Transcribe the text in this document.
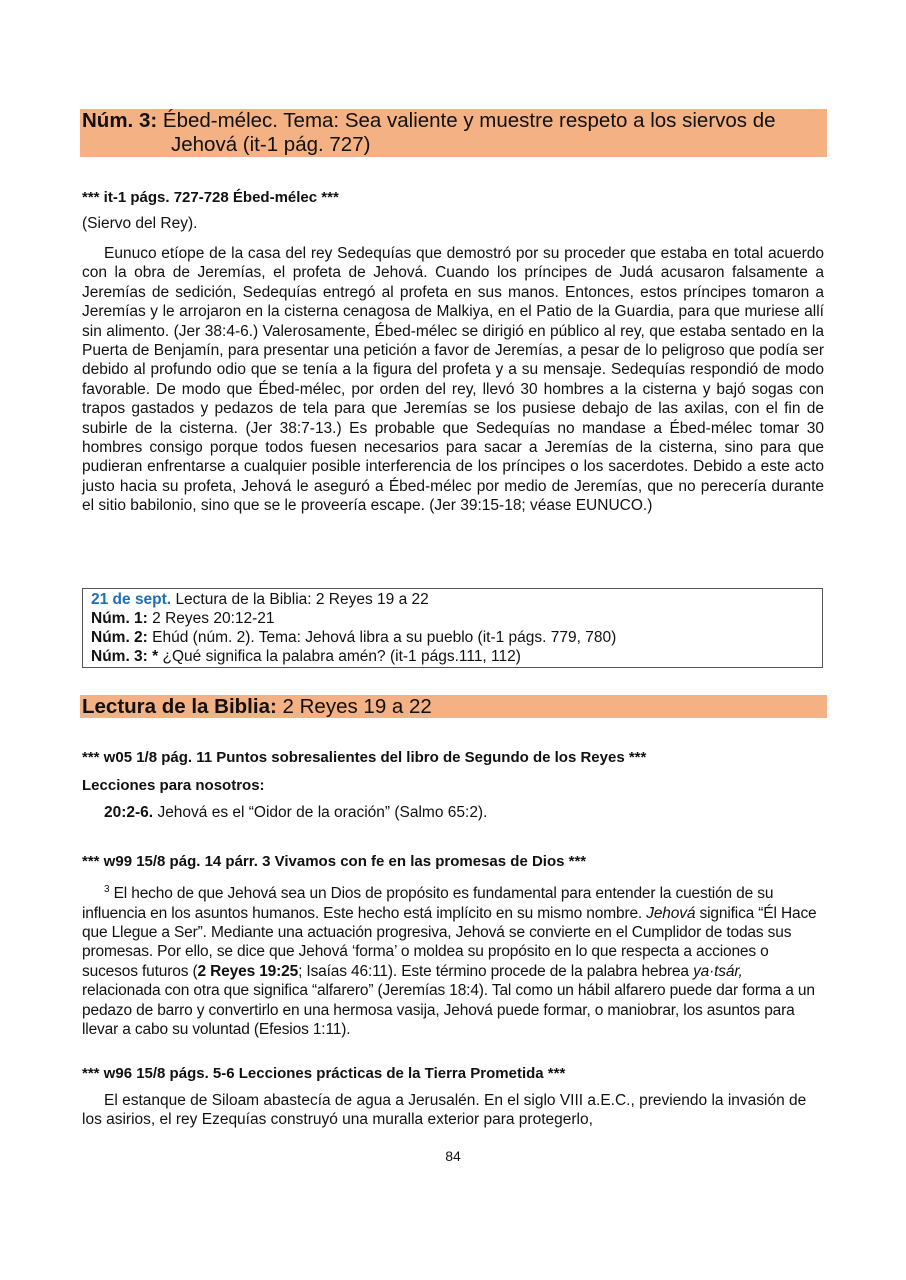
Núm. 3: Ébed-mélec. Tema: Sea valiente y muestre respeto a los siervos de
Jehová (it-1 pág. 727)
*** it-1 págs. 727-728 Ébed-mélec ***
(Siervo del Rey).
Eunuco etíope de la casa del rey Sedequías que demostró por su proceder que estaba en total acuerdo con la obra de Jeremías, el profeta de Jehová. Cuando los príncipes de Judá acusaron falsamente a Jeremías de sedición, Sedequías entregó al profeta en sus manos. Entonces, estos príncipes tomaron a Jeremías y le arrojaron en la cisterna cenagosa de Malkiya, en el Patio de la Guardia, para que muriese allí sin alimento. (Jer 38:4-6.) Valerosamente, Ébed-mélec se dirigió en público al rey, que estaba sentado en la Puerta de Benjamín, para presentar una petición a favor de Jeremías, a pesar de lo peligroso que podía ser debido al profundo odio que se tenía a la figura del profeta y a su mensaje. Sedequías respondió de modo favorable. De modo que Ébed-mélec, por orden del rey, llevó 30 hombres a la cisterna y bajó sogas con trapos gastados y pedazos de tela para que Jeremías se los pusiese debajo de las axilas, con el fin de subirle de la cisterna. (Jer 38:7-13.) Es probable que Sedequías no mandase a Ébed-mélec tomar 30 hombres consigo porque todos fuesen necesarios para sacar a Jeremías de la cisterna, sino para que pudieran enfrentarse a cualquier posible interferencia de los príncipes o los sacerdotes. Debido a este acto justo hacia su profeta, Jehová le aseguró a Ébed-mélec por medio de Jeremías, que no perecería durante el sitio babilonio, sino que se le proveería escape. (Jer 39:15-18; véase EUNUCO.)
21 de sept. Lectura de la Biblia: 2 Reyes 19 a 22
Núm. 1: 2 Reyes 20:12-21
Núm. 2: Ehúd (núm. 2). Tema: Jehová libra a su pueblo (it-1 págs. 779, 780)
Núm. 3: * ¿Qué significa la palabra amén? (it-1 págs.111, 112)
Lectura de la Biblia: 2 Reyes 19 a 22
*** w05 1/8 pág. 11 Puntos sobresalientes del libro de Segundo de los Reyes ***
Lecciones para nosotros:
20:2-6. Jehová es el “Oidor de la oración” (Salmo 65:2).
*** w99 15/8 pág. 14 párr. 3 Vivamos con fe en las promesas de Dios ***
$^3$ El hecho de que Jehová sea un Dios de propósito es fundamental para entender la cuestión de su influencia en los asuntos humanos. Este hecho está implícito en su mismo nombre. Jehová significa “Él Hace que Llegue a Ser”. Mediante una actuación progresiva, Jehová se convierte en el Cumplidor de todas sus promesas. Por ello, se dice que Jehová ‘forma’ o moldea su propósito en lo que respecta a acciones o sucesos futuros (2 Reyes 19:25; Isaías 46:11). Este término procede de la palabra hebrea ya·tsár, relacionada con otra que significa “alfarero” (Jeremías 18:4). Tal como un hábil alfarero puede dar forma a un pedazo de barro y convertirlo en una hermosa vasija, Jehová puede formar, o maniobrar, los asuntos para llevar a cabo su voluntad (Efesios 1:11).
*** w96 15/8 págs. 5-6 Lecciones prácticas de la Tierra Prometida ***
El estanque de Siloam abastecía de agua a Jerusalén. En el siglo VIII a.E.C., previendo la invasión de los asirios, el rey Ezequías construyó una muralla exterior para protegerlo,
84
